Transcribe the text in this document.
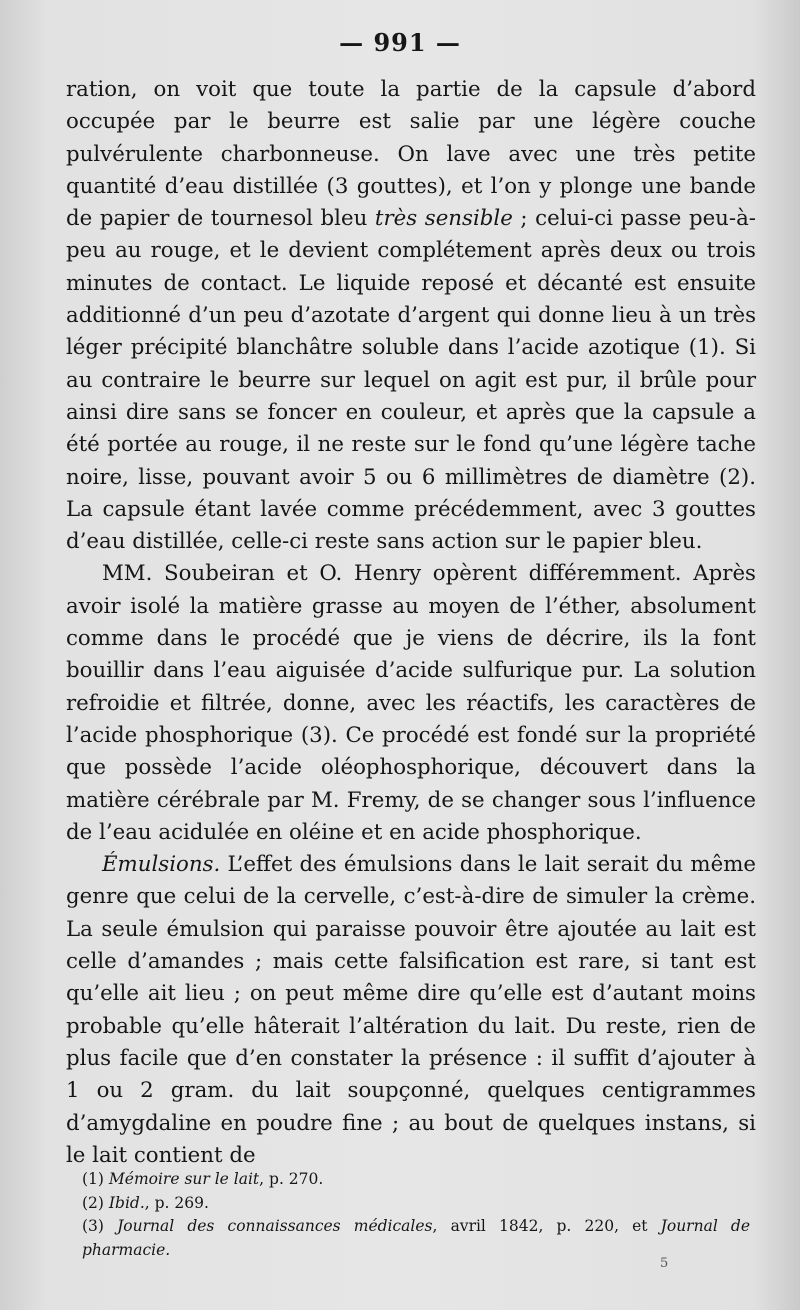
— 991 —

ration, on voit que toute la partie de la capsule d’abord occupée par le beurre est salie par une légère couche pulvérulente charbonneuse. On lave avec une très petite quantité d’eau distillée (3 gouttes), et l’on y plonge une bande de papier de tournesol bleu très sensible ; celui-ci passe peu-à-peu au rouge, et le devient complétement après deux ou trois minutes de contact. Le liquide reposé et décanté est ensuite additionné d’un peu d’azotate d’argent qui donne lieu à un très léger précipité blanchâtre soluble dans l’acide azotique (1). Si au contraire le beurre sur lequel on agit est pur, il brûle pour ainsi dire sans se foncer en couleur, et après que la capsule a été portée au rouge, il ne reste sur le fond qu’une légère tache noire, lisse, pouvant avoir 5 ou 6 millimètres de diamètre (2). La capsule étant lavée comme précédemment, avec 3 gouttes d’eau distillée, celle-ci reste sans action sur le papier bleu.

MM. Soubeiran et O. Henry opèrent différemment. Après avoir isolé la matière grasse au moyen de l’éther, absolument comme dans le procédé que je viens de décrire, ils la font bouillir dans l’eau aiguisée d’acide sulfurique pur. La solution refroidie et filtrée, donne, avec les réactifs, les caractères de l’acide phosphorique (3). Ce procédé est fondé sur la propriété que possède l’acide oléophosphorique, découvert dans la matière cérébrale par M. Fremy, de se changer sous l’influence de l’eau acidulée en oléine et en acide phosphorique.

Émulsions. L’effet des émulsions dans le lait serait du même genre que celui de la cervelle, c’est-à-dire de simuler la crème. La seule émulsion qui paraisse pouvoir être ajoutée au lait est celle d’amandes ; mais cette falsification est rare, si tant est qu’elle ait lieu ; on peut même dire qu’elle est d’autant moins probable qu’elle hâterait l’altération du lait. Du reste, rien de plus facile que d’en constater la présence : il suffit d’ajouter à 1 ou 2 gram. du lait soupçonné, quelques centigrammes d’amygdaline en poudre fine ; au bout de quelques instans, si le lait contient de

(1) Mémoire sur le lait, p. 270.

(2) Ibid., p. 269.

(3) Journal des connaissances médicales, avril 1842, p. 220, et Journal de pharmacie.

5
